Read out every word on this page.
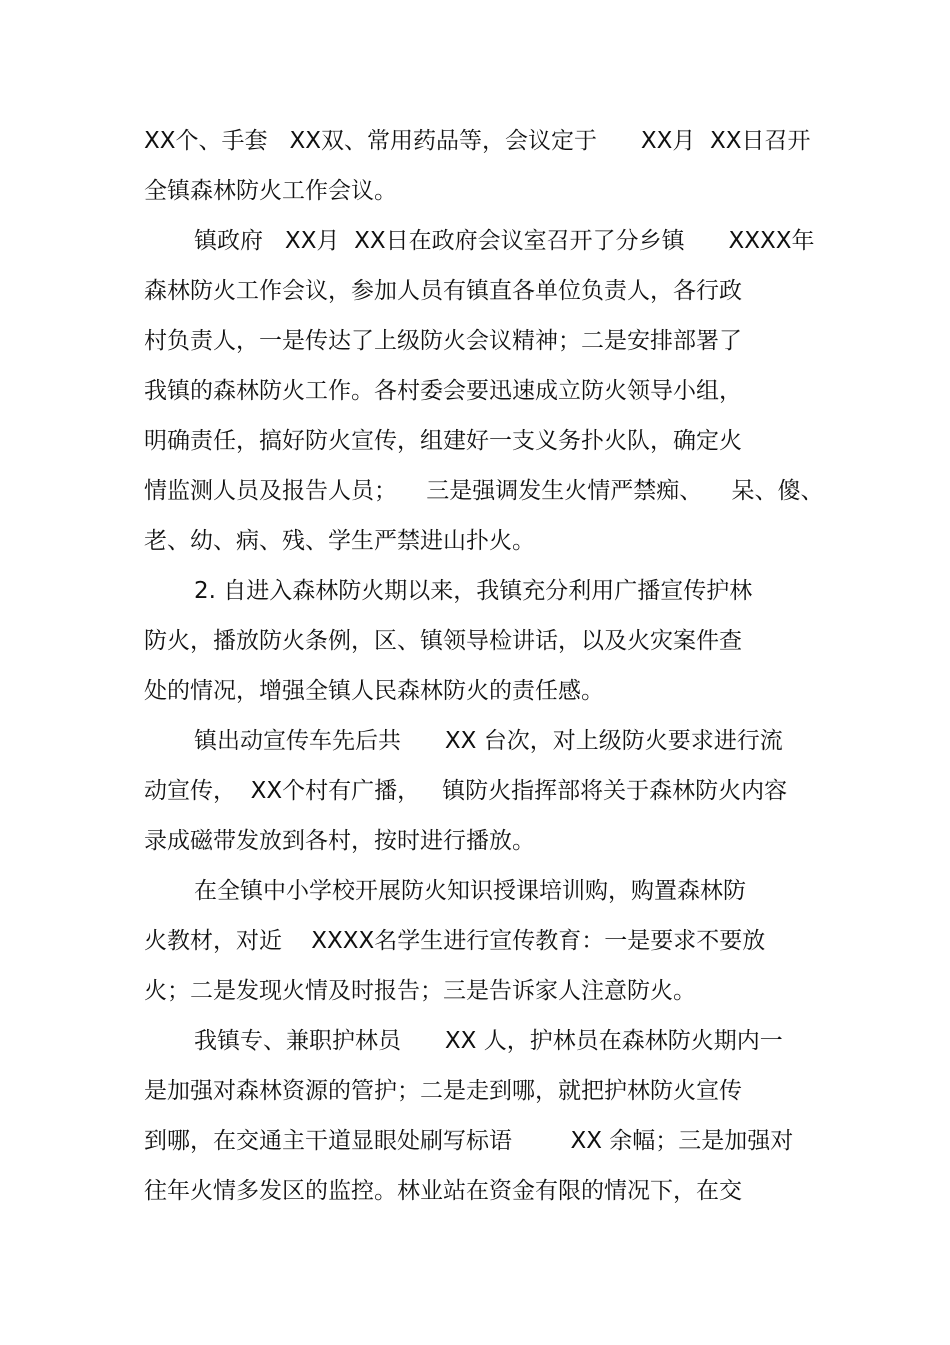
XX个、手套   XX双、常用药品等，会议定于      XX月  XX日召开
全镇森林防火工作会议。
镇政府   XX月  XX日在政府会议室召开了分乡镇      XXXX年
森林防火工作会议，参加人员有镇直各单位负责人，各行政
村负责人，一是传达了上级防火会议精神；二是安排部署了
我镇的森林防火工作。各村委会要迅速成立防火领导小组，
明确责任，搞好防火宣传，组建好一支义务扑火队，确定火
情监测人员及报告人员；    三是强调发生火情严禁痴、    呆、傻、
老、幼、病、残、学生严禁进山扑火。
2. 自进入森林防火期以来，我镇充分利用广播宣传护林
防火，播放防火条例，区、镇领导检讲话，以及火灾案件查
处的情况，增强全镇人民森林防火的责任感。
镇出动宣传车先后共      XX 台次，对上级防火要求进行流
动宣传，  XX个村有广播，   镇防火指挥部将关于森林防火内容
录成磁带发放到各村，按时进行播放。
在全镇中小学校开展防火知识授课培训购，购置森林防
火教材，对近    XXXX名学生进行宣传教育：一是要求不要放
火；二是发现火情及时报告；三是告诉家人注意防火。
我镇专、兼职护林员      XX 人，护林员在森林防火期内一
是加强对森林资源的管护；二是走到哪，就把护林防火宣传
到哪，在交通主干道显眼处刷写标语        XX 余幅；三是加强对
往年火情多发区的监控。林业站在资金有限的情况下，在交
